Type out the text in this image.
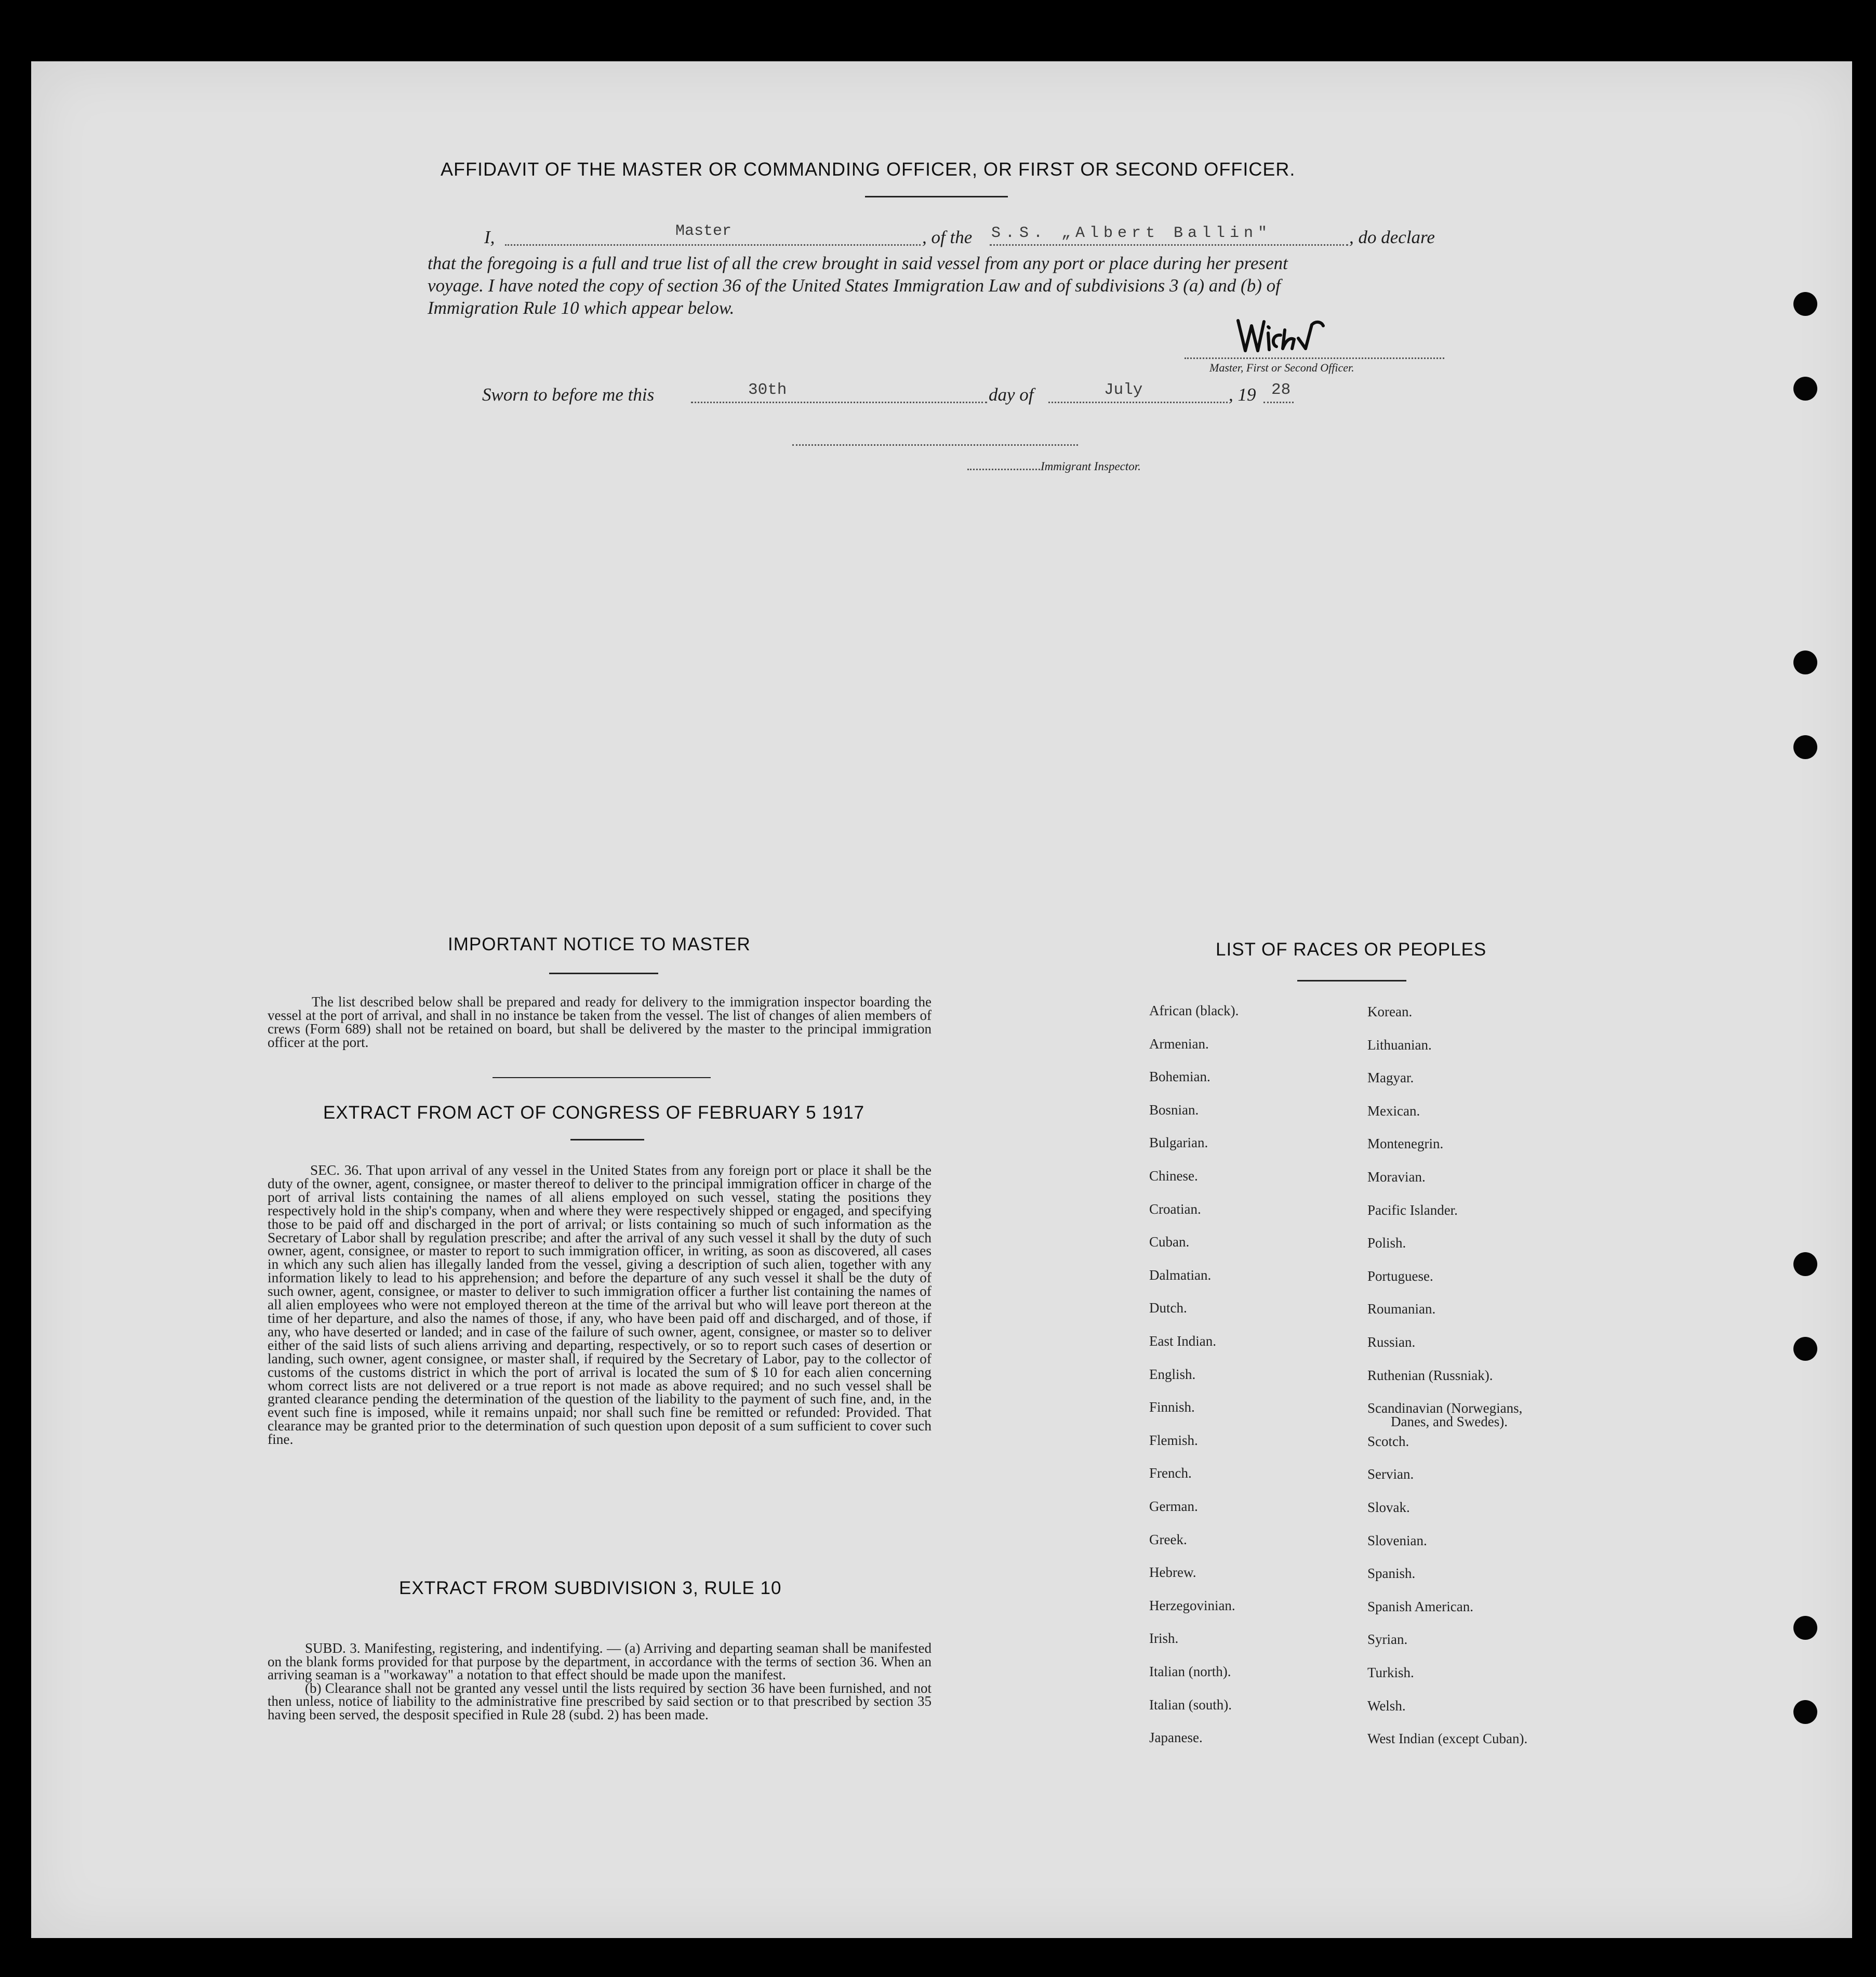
AFFIDAVIT OF THE MASTER OR COMMANDING OFFICER, OR FIRST OR SECOND OFFICER.
I,	Master	, of the S.S. „Albert Ballin"	, do declare
that the foregoing is a full and true list of all the crew brought in said vessel from any port or place during her present
voyage. I have noted the copy of section 36 of the United States Immigration Law and of subdivisions 3 (a) and (b) of
Immigration Rule 10 which appear below.
Master, First or Second Officer.
Sworn to before me this	30th	day of	July	, 19 28
Immigrant Inspector.
IMPORTANT NOTICE TO MASTER

The list described below shall be prepared and ready for delivery to the immigration inspector boarding the vessel at the port of arrival, and shall in no instance be taken from the vessel. The list of changes of alien members of crews (Form 689) shall not be retained on board, but shall be delivered by the master to the principal immigration officer at the port.

EXTRACT FROM ACT OF CONGRESS OF FEBRUARY 5 1917

SEC. 36. That upon arrival of any vessel in the United States from any foreign port or place it shall be the duty of the owner, agent, consignee, or master thereof to deliver to the principal immigration officer in charge of the port of arrival lists containing the names of all aliens employed on such vessel, stating the positions they respectively hold in the ship's company, when and where they were respectively shipped or engaged, and specifying those to be paid off and discharged in the port of arrival; or lists containing so much of such information as the Secretary of Labor shall by regulation prescribe; and after the arrival of any such vessel it shall by the duty of such owner, agent, consignee, or master to report to such immigration officer, in writing, as soon as discovered, all cases in which any such alien has illegally landed from the vessel, giving a description of such alien, together with any information likely to lead to his apprehension; and before the departure of any such vessel it shall be the duty of such owner, agent, consignee, or master to deliver to such immigration officer a further list containing the names of all alien employees who were not employed thereon at the time of the arrival but who will leave port thereon at the time of her departure, and also the names of those, if any, who have been paid off and discharged, and of those, if any, who have deserted or landed; and in case of the failure of such owner, agent, consignee, or master so to deliver either of the said lists of such aliens arriving and departing, respectively, or so to report such cases of desertion or landing, such owner, agent consignee, or master shall, if required by the Secretary of Labor, pay to the collector of customs of the customs district in which the port of arrival is located the sum of $ 10 for each alien concerning whom correct lists are not delivered or a true report is not made as above required; and no such vessel shall be granted clearance pending the determination of the question of the liability to the payment of such fine, and, in the event such fine is imposed, while it remains unpaid; nor shall such fine be remitted or refunded: Provided. That clearance may be granted prior to the determination of such question upon deposit of a sum sufficient to cover such fine.

EXTRACT FROM SUBDIVISION 3, RULE 10

SUBD. 3. Manifesting, registering, and indentifying. — (a) Arriving and departing seaman shall be manifested on the blank forms provided for that purpose by the department, in accordance with the terms of section 36. When an arriving seaman is a "workaway" a notation to that effect should be made upon the manifest.

(b) Clearance shall not be granted any vessel until the lists required by section 36 have been furnished, and not then unless, notice of liability to the administrative fine prescribed by said section or to that prescribed by section 35 having been served, the desposit specified in Rule 28 (subd. 2) has been made.

LIST OF RACES OR PEOPLES
African (black).
Armenian.
Bohemian.
Bosnian.
Bulgarian.
Chinese.
Croatian.
Cuban.
Dalmatian.
Dutch.
East Indian.
English.
Finnish.
Flemish.
French.
German.
Greek.
Hebrew.
Herzegovinian.
Irish.
Italian (north).
Italian (south).
Japanese.
Korean.
Lithuanian.
Magyar.
Mexican.
Montenegrin.
Moravian.
Pacific Islander.
Polish.
Portuguese.
Roumanian.
Russian.
Ruthenian (Russniak).
Scandinavian (Norwegians,
Scotch.
Servian.
Slovak.
Slovenian.
Spanish.
Spanish American.
Syrian.
Turkish.
Welsh.
West Indian (except Cuban).
Danes, and Swedes).
